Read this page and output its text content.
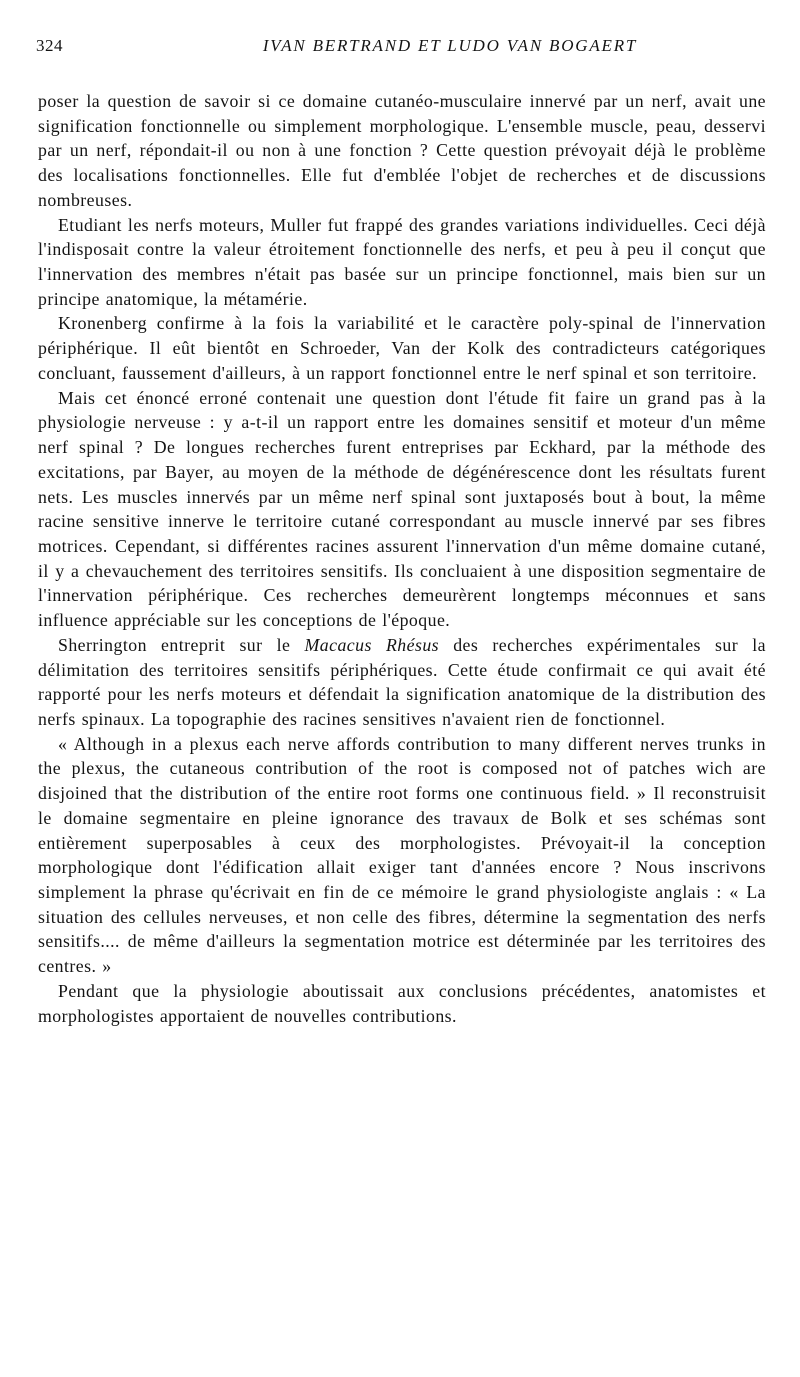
324	IVAN BERTRAND ET LUDO VAN BOGAERT

poser la question de savoir si ce domaine cutanéo-musculaire innervé par un nerf, avait une signification fonctionnelle ou simplement morphologique. L'ensemble muscle, peau, desservi par un nerf, répondait-il ou non à une fonction ? Cette question prévoyait déjà le problème des localisations fonctionnelles. Elle fut d'emblée l'objet de recherches et de discussions nombreuses.

Etudiant les nerfs moteurs, Muller fut frappé des grandes variations individuelles. Ceci déjà l'indisposait contre la valeur étroitement fonctionnelle des nerfs, et peu à peu il conçut que l'innervation des membres n'était pas basée sur un principe fonctionnel, mais bien sur un principe anatomique, la métamérie.

Kronenberg confirme à la fois la variabilité et le caractère poly-spinal de l'innervation périphérique. Il eût bientôt en Schroeder, Van der Kolk des contradicteurs catégoriques concluant, faussement d'ailleurs, à un rapport fonctionnel entre le nerf spinal et son territoire.

Mais cet énoncé erroné contenait une question dont l'étude fit faire un grand pas à la physiologie nerveuse : y a-t-il un rapport entre les domaines sensitif et moteur d'un même nerf spinal ? De longues recherches furent entreprises par Eckhard, par la méthode des excitations, par Bayer, au moyen de la méthode de dégénérescence dont les résultats furent nets. Les muscles innervés par un même nerf spinal sont juxtaposés bout à bout, la même racine sensitive innerve le territoire cutané correspondant au muscle innervé par ses fibres motrices. Cependant, si différentes racines assurent l'innervation d'un même domaine cutané, il y a chevauchement des territoires sensitifs. Ils concluaient à une disposition segmentaire de l'innervation périphérique. Ces recherches demeurèrent longtemps méconnues et sans influence appréciable sur les conceptions de l'époque.

Sherrington entreprit sur le Macacus Rhésus des recherches expérimentales sur la délimitation des territoires sensitifs périphériques. Cette étude confirmait ce qui avait été rapporté pour les nerfs moteurs et défendait la signification anatomique de la distribution des nerfs spinaux. La topographie des racines sensitives n'avaient rien de fonctionnel.

« Although in a plexus each nerve affords contribution to many different nerves trunks in the plexus, the cutaneous contribution of the root is composed not of patches wich are disjoined that the distribution of the entire root forms one continuous field. » Il reconstruisit le domaine segmentaire en pleine ignorance des travaux de Bolk et ses schémas sont entièrement superposables à ceux des morphologistes. Prévoyait-il la conception morphologique dont l'édification allait exiger tant d'années encore ? Nous inscrivons simplement la phrase qu'écrivait en fin de ce mémoire le grand physiologiste anglais : « La situation des cellules nerveuses, et non celle des fibres, détermine la segmentation des nerfs sensitifs.... de même d'ailleurs la segmentation motrice est déterminée par les territoires des centres. »

Pendant que la physiologie aboutissait aux conclusions précédentes, anatomistes et morphologistes apportaient de nouvelles contributions.
